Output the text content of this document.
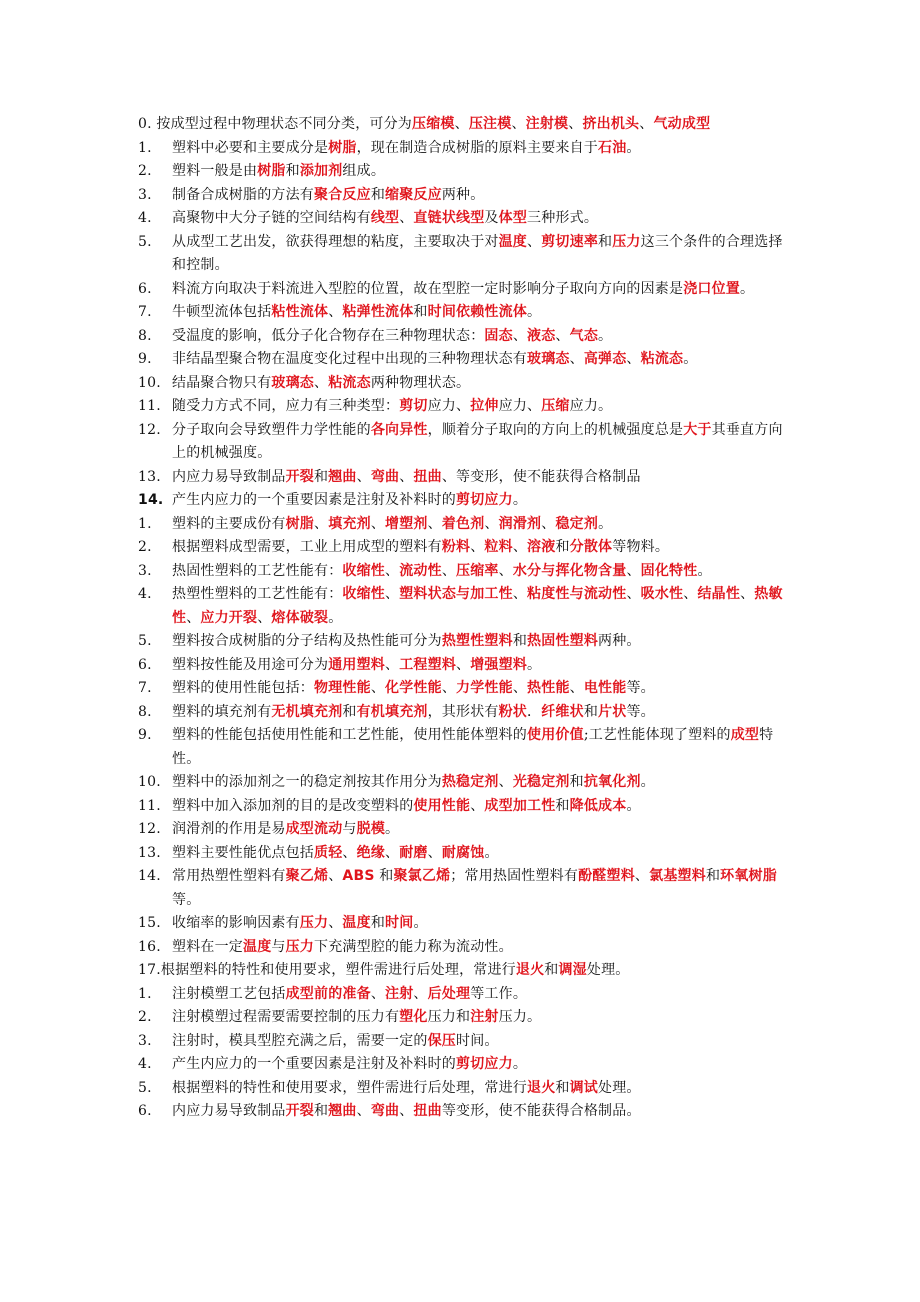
0. 按成型过程中物理状态不同分类，可分为压缩模、压注模、注射模、挤出机头、气动成型
1.	塑料中必要和主要成分是树脂，现在制造合成树脂的原料主要来自于石油。
2.	塑料一般是由树脂和添加剂组成。
3.	制备合成树脂的方法有聚合反应和缩聚反应两种。
4.	高聚物中大分子链的空间结构有线型、直链状线型及体型三种形式。
5.	从成型工艺出发，欲获得理想的粘度，主要取决于对温度、剪切速率和压力这三个条件的合理选择和控制。
6.	料流方向取决于料流进入型腔的位置，故在型腔一定时影响分子取向方向的因素是浇口位置。
7.	牛顿型流体包括粘性流体、粘弹性流体和时间依赖性流体。
8.	受温度的影响，低分子化合物存在三种物理状态：固态、液态、气态。
9.	非结晶型聚合物在温度变化过程中出现的三种物理状态有玻璃态、高弹态、粘流态。
10. 结晶聚合物只有玻璃态、粘流态两种物理状态。
11. 随受力方式不同，应力有三种类型：剪切应力、拉伸应力、压缩应力。
12. 分子取向会导致塑件力学性能的各向异性，顺着分子取向的方向上的机械强度总是大于其垂直方向上的机械强度。
13. 内应力易导致制品开裂和翘曲、弯曲、扭曲、等变形，使不能获得合格制品
14. 产生内应力的一个重要因素是注射及补料时的剪切应力。
1.	塑料的主要成份有树脂、填充剂、增塑剂、着色剂、润滑剂、稳定剂。
2.	根据塑料成型需要，工业上用成型的塑料有粉料、粒料、溶液和分散体等物料。
3.	热固性塑料的工艺性能有：收缩性、流动性、压缩率、水分与挥化物含量、固化特性。
4.	热塑性塑料的工艺性能有：收缩性、塑料状态与加工性、粘度性与流动性、吸水性、结晶性、热敏性、应力开裂、熔体破裂。
5.	塑料按合成树脂的分子结构及热性能可分为热塑性塑料和热固性塑料两种。
6.	塑料按性能及用途可分为通用塑料、工程塑料、增强塑料。
7.	塑料的使用性能包括：物理性能、化学性能、力学性能、热性能、电性能等。
8.	塑料的填充剂有无机填充剂和有机填充剂，其形状有粉状．纤维状和片状等。
9.	塑料的性能包括使用性能和工艺性能，使用性能体塑料的使用价值;工艺性能体现了塑料的成型特性。
10. 塑料中的添加剂之一的稳定剂按其作用分为热稳定剂、光稳定剂和抗氧化剂。
11. 塑料中加入添加剂的目的是改变塑料的使用性能、成型加工性和降低成本。
12. 润滑剂的作用是易成型流动与脱模。
13. 塑料主要性能优点包括质轻、绝缘、耐磨、耐腐蚀。
14. 常用热塑性塑料有聚乙烯、ABS 和聚氯乙烯；常用热固性塑料有酚醛塑料、氯基塑料和环氧树脂等。
15. 收缩率的影响因素有压力、温度和时间。
16. 塑料在一定温度与压力下充满型腔的能力称为流动性。
17.根据塑料的特性和使用要求，塑件需进行后处理，常进行退火和调湿处理。
1.	注射模塑工艺包括成型前的准备、注射、后处理等工作。
2.	注射模塑过程需要需要控制的压力有塑化压力和注射压力。
3.	注射时，模具型腔充满之后，需要一定的保压时间。
4.	产生内应力的一个重要因素是注射及补料时的剪切应力。
5.	根据塑料的特性和使用要求，塑件需进行后处理，常进行退火和调试处理。
6.	内应力易导致制品开裂和翘曲、弯曲、扭曲等变形，使不能获得合格制品。
